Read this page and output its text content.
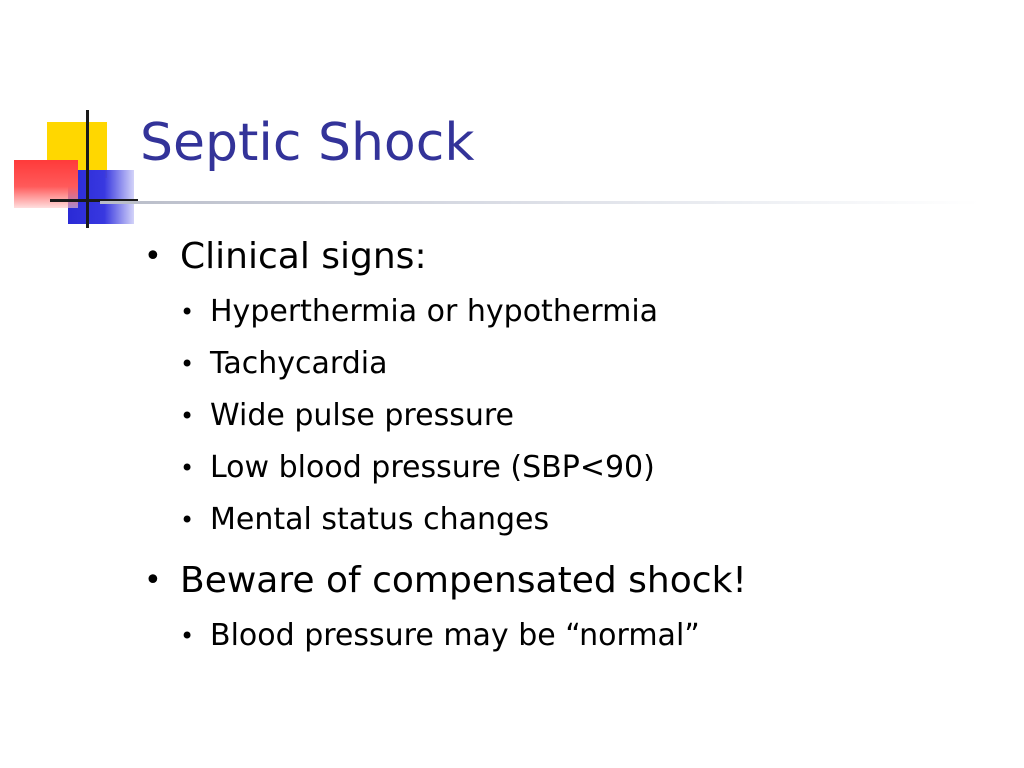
Septic Shock
• Clinical signs:
• Hyperthermia or hypothermia
• Tachycardia
• Wide pulse pressure
• Low blood pressure (SBP<90)
• Mental status changes
• Beware of compensated shock!
• Blood pressure may be “normal”
